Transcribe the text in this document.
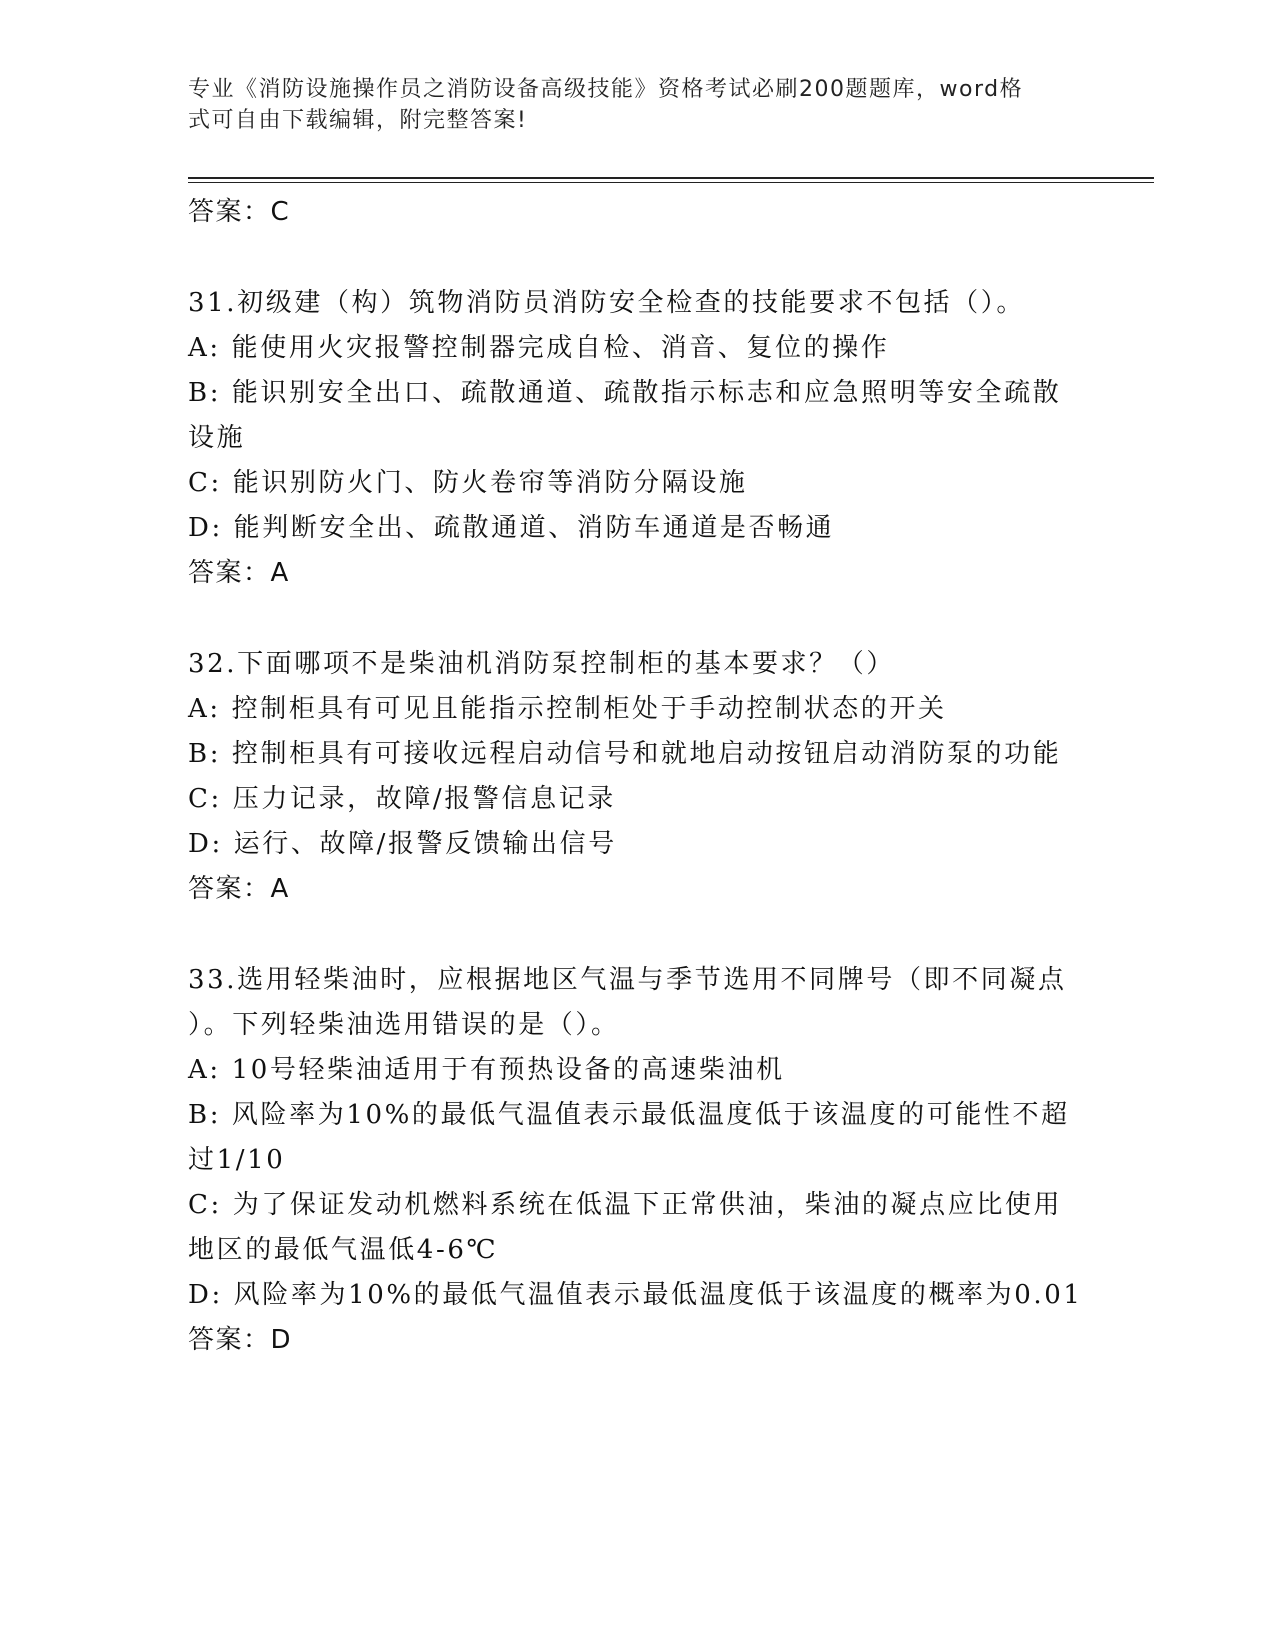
专业《消防设施操作员之消防设备高级技能》资格考试必刷200题题库，word格
式可自由下载编辑，附完整答案!
答案：C
31.初级建（构）筑物消防员消防安全检查的技能要求不包括（）。
A: 能使用火灾报警控制器完成自检、消音、复位的操作
B: 能识别安全出口、疏散通道、疏散指示标志和应急照明等安全疏散
设施
C: 能识别防火门、防火卷帘等消防分隔设施
D: 能判断安全出、疏散通道、消防车通道是否畅通
答案：A
32.下面哪项不是柴油机消防泵控制柜的基本要求？（）
A: 控制柜具有可见且能指示控制柜处于手动控制状态的开关
B: 控制柜具有可接收远程启动信号和就地启动按钮启动消防泵的功能
C: 压力记录，故障/报警信息记录
D: 运行、故障/报警反馈输出信号
答案：A
33.选用轻柴油时，应根据地区气温与季节选用不同牌号（即不同凝点
）。下列轻柴油选用错误的是（）。
A: 10号轻柴油适用于有预热设备的高速柴油机
B: 风险率为10%的最低气温值表示最低温度低于该温度的可能性不超
过1/10
C: 为了保证发动机燃料系统在低温下正常供油，柴油的凝点应比使用
地区的最低气温低4-6℃
D: 风险率为10%的最低气温值表示最低温度低于该温度的概率为0.01
答案：D
